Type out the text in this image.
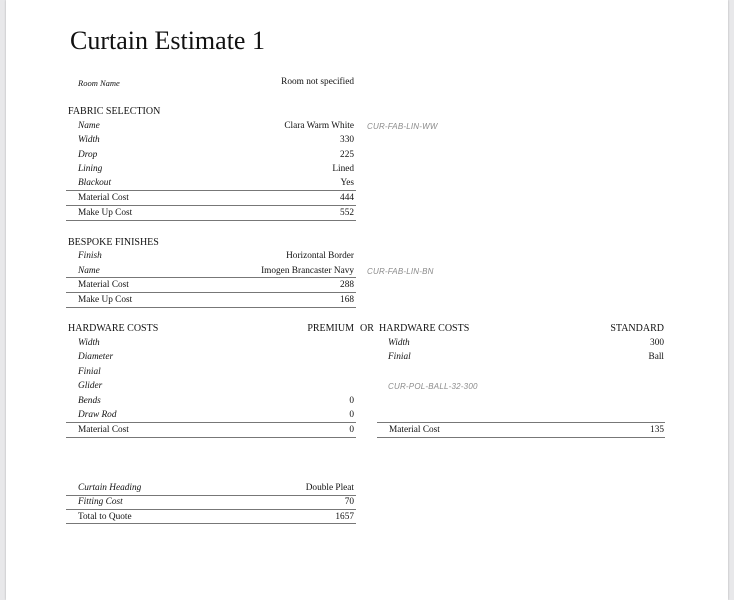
Curtain Estimate 1
Room Name	Room not specified
FABRIC SELECTION
Name	Clara Warm White CUR-FAB-LIN-WW
Width	330
Drop	225
Lining	Lined
Blackout	Yes
Material Cost	444
Make Up Cost	552
BESPOKE FINISHES
Finish	Horizontal Border
Name	Imogen Brancaster Navy CUR-FAB-LIN-BN
Material Cost	288
Make Up Cost	168
HARDWARE COSTS	PREMIUM OR
Width
Diameter
Finial
Glider
Bends	0
Draw Rod	0
Material Cost	0
HARDWARE COSTS	STANDARD
Width	300
Finial	Ball
CUR-POL-BALL-32-300
Material Cost	135
Curtain Heading	Double Pleat
Fitting Cost	70
Total to Quote	1657
